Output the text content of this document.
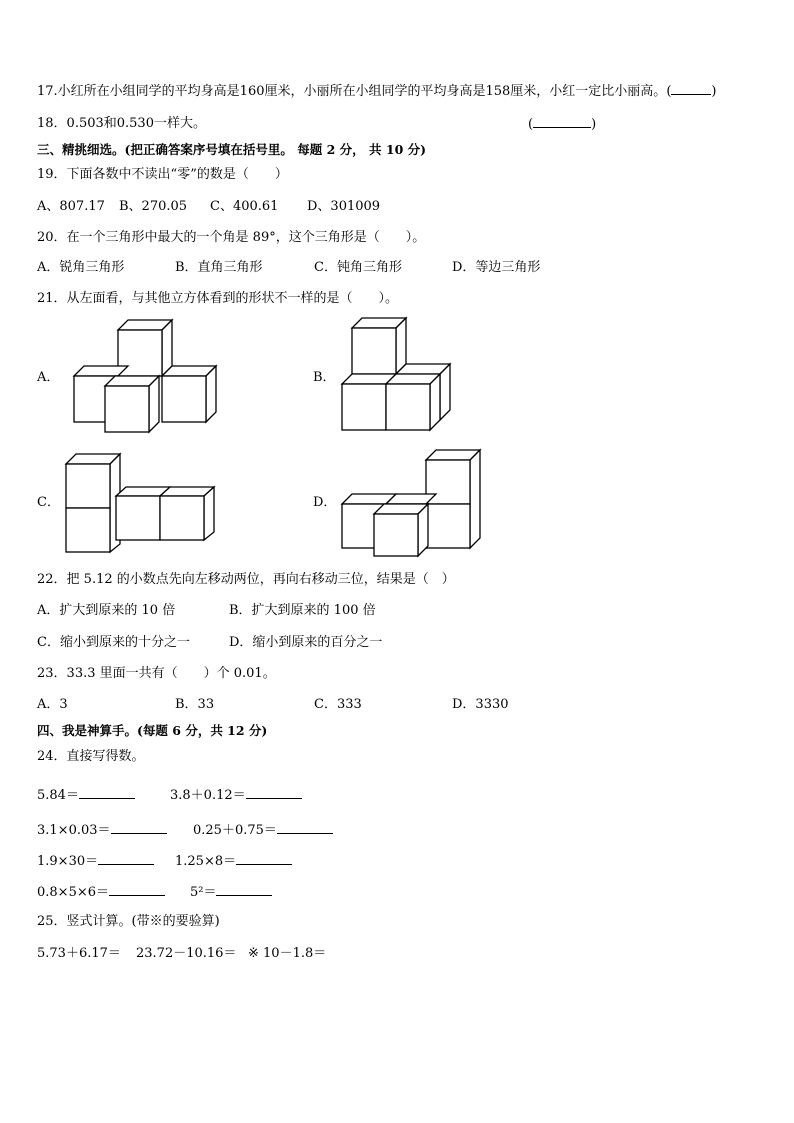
17.小红所在小组同学的平均身高是160厘米，小丽所在小组同学的平均身高是158厘米，小红一定比小丽高。(	)
18．0.503和0.530一样大。	(	)
三、精挑细选。(把正确答案序号填在括号里。 每题 2 分， 共 10 分)
19．下面各数中不读出“零”的数是（　　）
A、807.17 B、270.05 C、400.61 D、301009
20．在一个三角形中最大的一个角是 89°，这个三角形是（　　）。
A．锐角三角形	B．直角三角形	C．钝角三角形	D．等边三角形
21．从左面看，与其他立方体看到的形状不一样的是（　　）。
A．	B．
C．	D．
22．把 5.12 的小数点先向左移动两位，再向右移动三位，结果是（　）
A．扩大到原来的 10 倍	B．扩大到原来的 100 倍
C．缩小到原来的十分之一	D．缩小到原来的百分之一
23．33.3 里面一共有（　　）个 0.01。
A．3	B．33	C．333	D．3330
四、我是神算手。(每题 6 分，共 12 分)
24．直接写得数。
5.84＝	3.8＋0.12＝
3.1×0.03＝	0.25＋0.75＝
1.9×30＝	1.25×8＝
0.8×5×6＝	5²＝
25．竖式计算。(带※的要验算)
5.73＋6.17＝ 23.72－10.16＝ ※ 10－1.8＝
